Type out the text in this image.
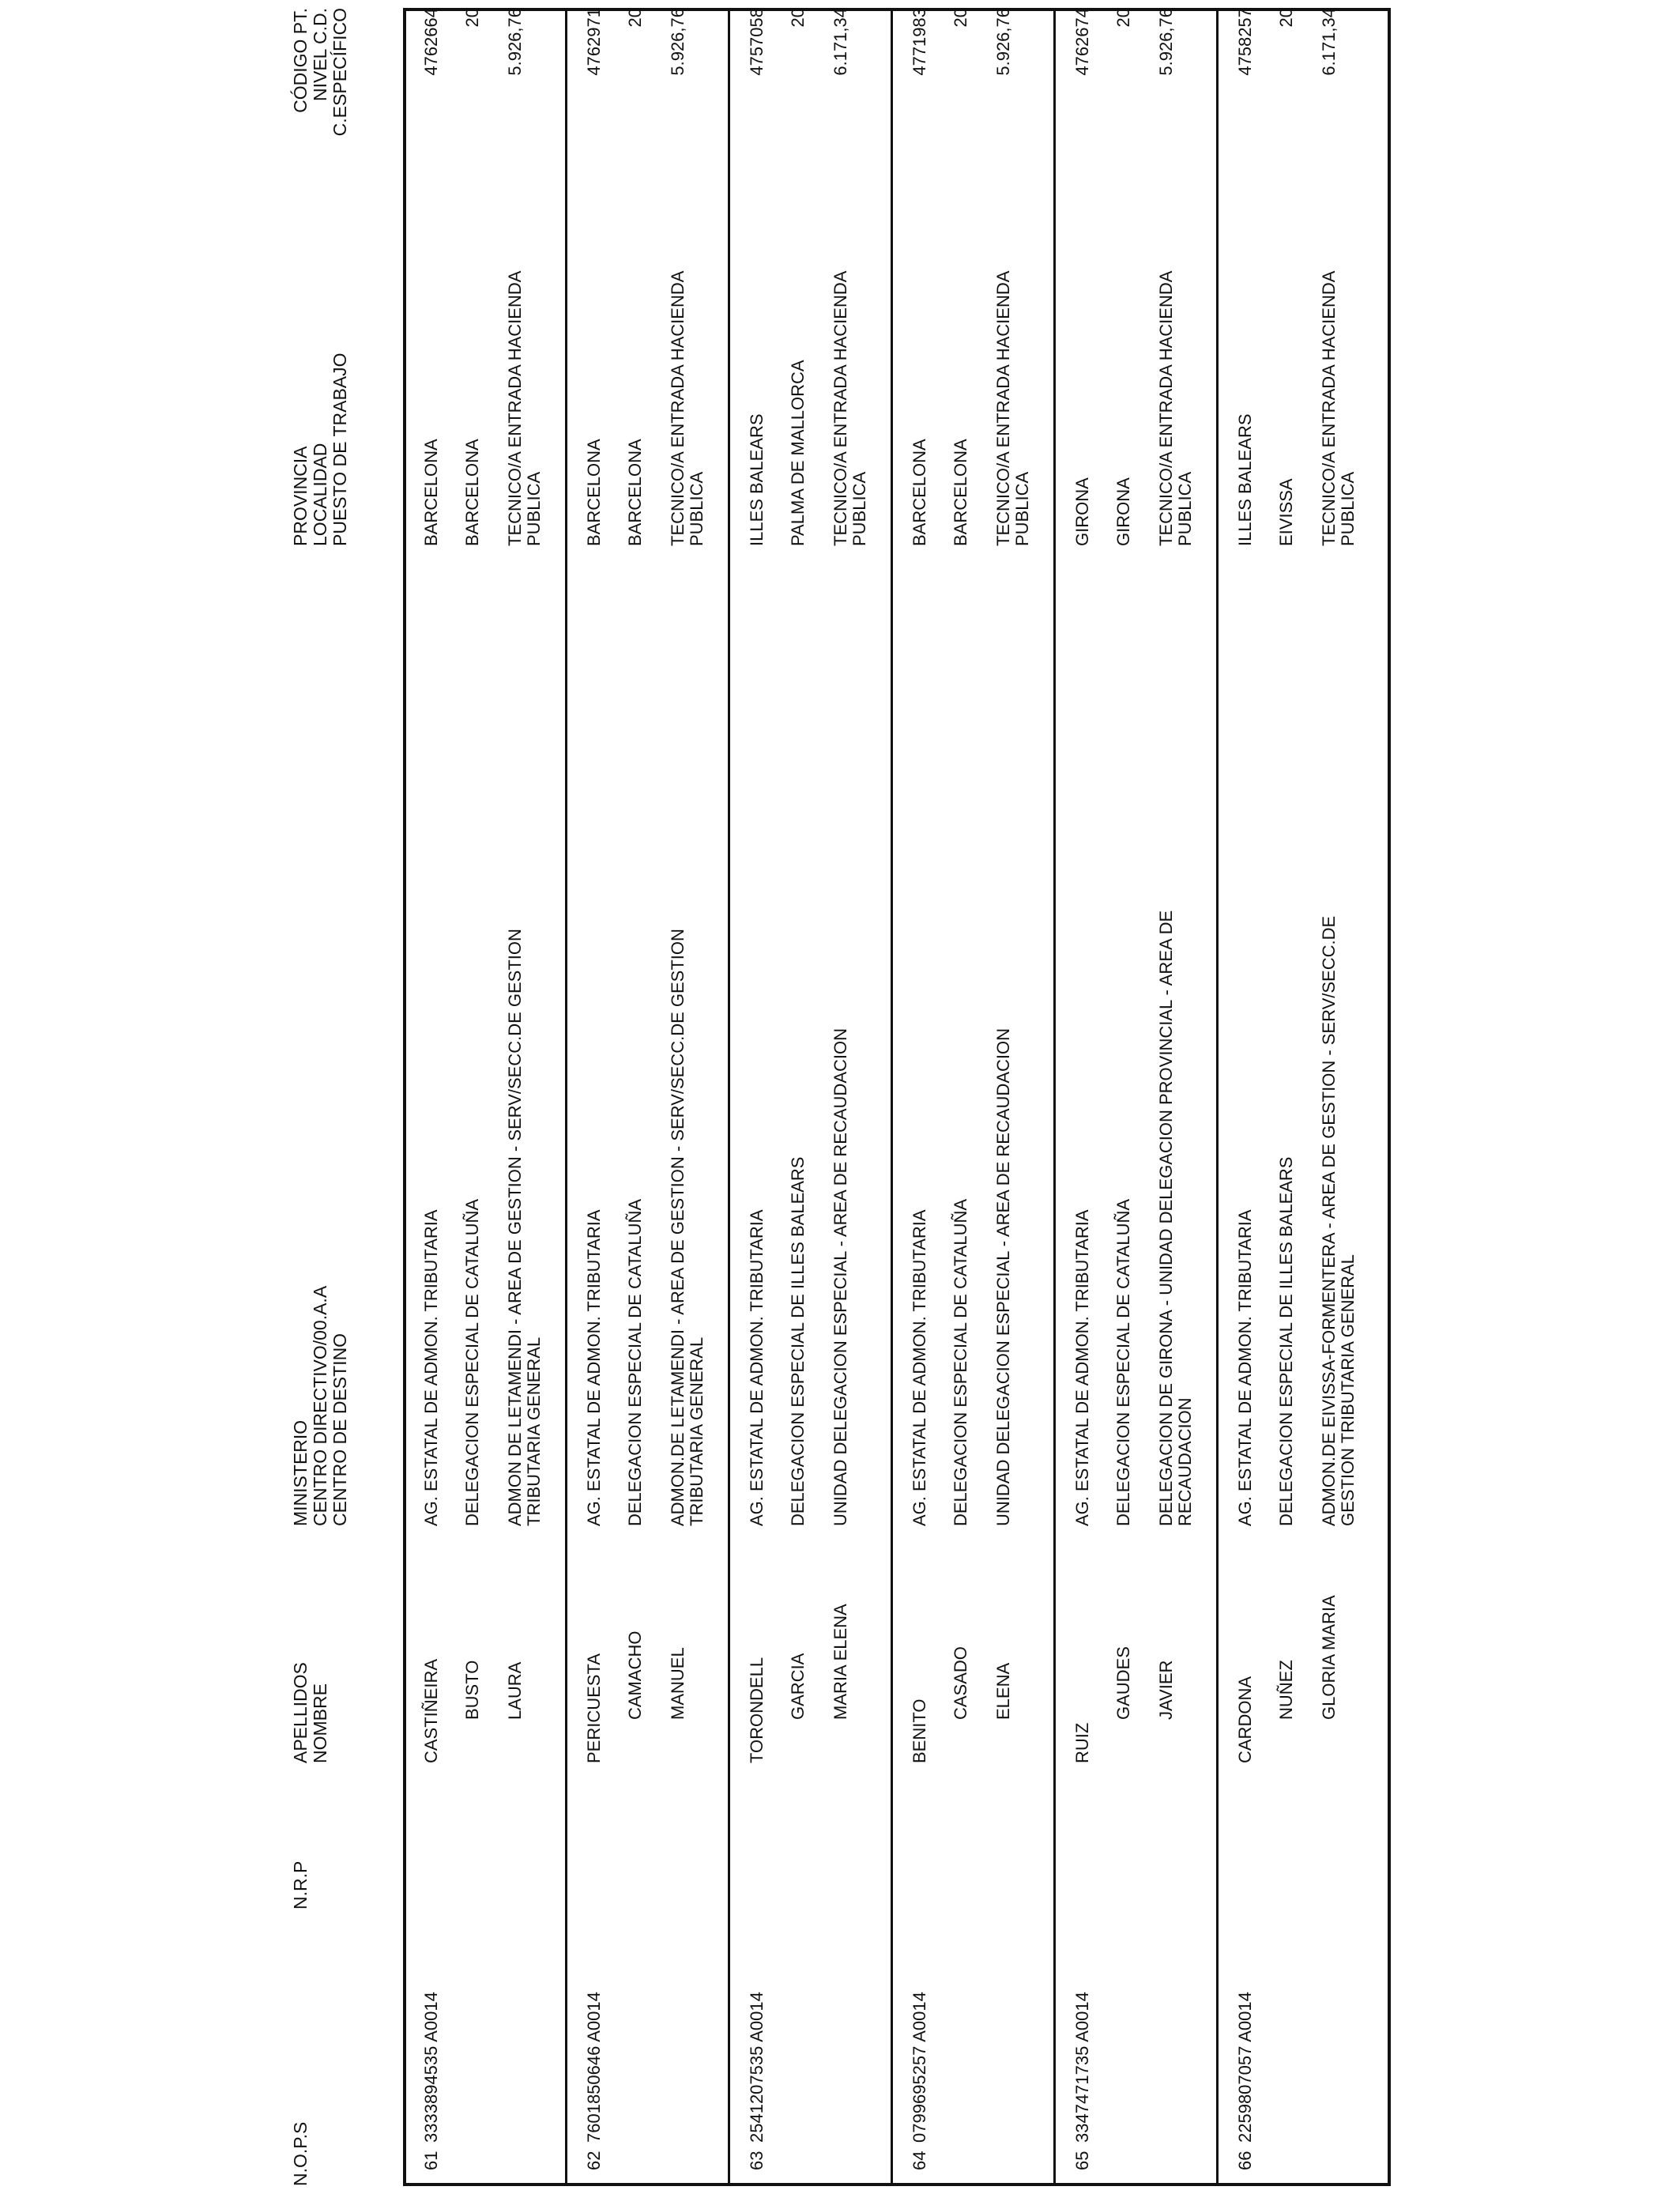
N.O.P.S
N.R.P
APELLIDOS NOMBRE
MINISTERIO CENTRO DIRECTIVO/00.A.A CENTRO DE DESTINO
PROVINCIA LOCALIDAD PUESTO DE TRABAJO
CÓDIGO PT. NIVEL C.D. C.ESPECÍFICO
61
3333894535 A0014
CASTIÑEIRA BUSTO LAURA
AG. ESTATAL DE ADMON. TRIBUTARIA DELEGACION ESPECIAL DE CATALUÑA ADMON DE LETAMENDI - AREA DE GESTION - SERV/SECC.DE GESTION TRIBUTARIA GENERAL
BARCELONA BARCELONA TECNICO/A ENTRADA HACIENDA PUBLICA
4762664 20 5.926,76
62
7601850646 A0014
PERICUESTA CAMACHO MANUEL
AG. ESTATAL DE ADMON. TRIBUTARIA DELEGACION ESPECIAL DE CATALUÑA ADMON.DE LETAMENDI - AREA DE GESTION - SERV/SECC.DE GESTION TRIBUTARIA GENERAL
BARCELONA BARCELONA TECNICO/A ENTRADA HACIENDA PUBLICA
4762971 20 5.926,76
63
2541207535 A0014
TORONDELL GARCIA MARIA ELENA
AG. ESTATAL DE ADMON. TRIBUTARIA DELEGACION ESPECIAL DE ILLES BALEARS UNIDAD DELEGACION ESPECIAL - AREA DE RECAUDACION
ILLES BALEARS PALMA DE MALLORCA TECNICO/A ENTRADA HACIENDA PUBLICA
4757058 20 6.171,34
64
0799695257 A0014
BENITO
CASADO ELENA
AG. ESTATAL DE ADMON. TRIBUTARIA DELEGACION ESPECIAL DE CATALUÑA UNIDAD DELEGACION ESPECIAL - AREA DE RECAUDACION
BARCELONA BARCELONA TECNICO/A ENTRADA HACIENDA PUBLICA
4771983 20 5.926,76
65
3347471735 A0014
RUIZ
GAUDES JAVIER
AG. ESTATAL DE ADMON. TRIBUTARIA DELEGACION ESPECIAL DE CATALUÑA DELEGACION DE GIRONA - UNIDAD DELEGACION PROVINCIAL - AREA DE RECAUDACION
GIRONA GIRONA TECNICO/A ENTRADA HACIENDA PUBLICA
4762674 20 5.926,76
66
2259807057 A0014
CARDONA NUÑEZ GLORIA MARIA
AG. ESTATAL DE ADMON. TRIBUTARIA DELEGACION ESPECIAL DE ILLES BALEARS ADMON.DE EIVISSA-FORMENTERA - AREA DE GESTION - SERV/SECC.DE GESTION TRIBUTARIA GENERAL
ILLES BALEARS EIVISSA TECNICO/A ENTRADA HACIENDA PUBLICA
4758257 20 6.171,34
